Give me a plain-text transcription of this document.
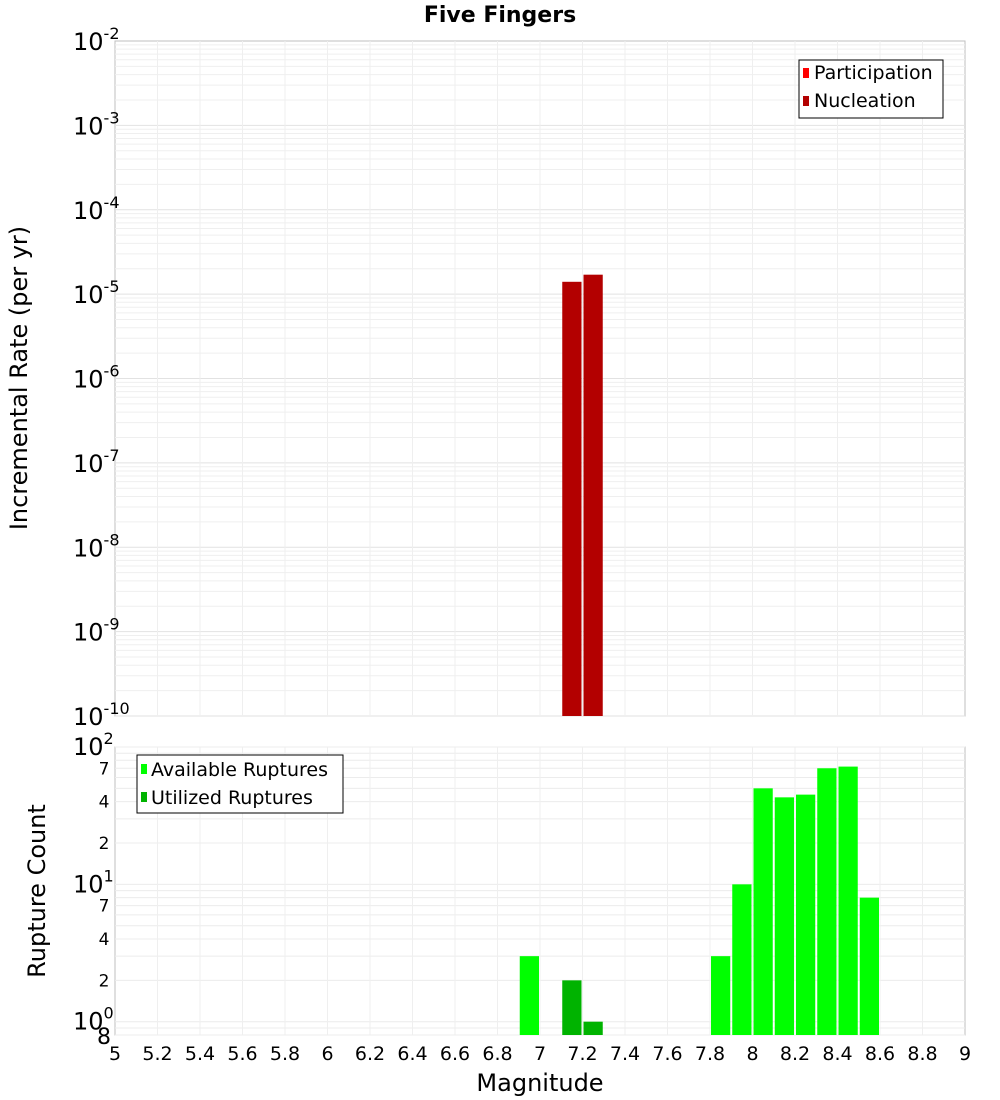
Five Fingers
$10^{-10}$
$10^{-9}$
$10^{-8}$
$10^{-7}$
$10^{-6}$
$10^{-5}$
$10^{-4}$
$10^{-3}$
$10^{-2}$
Incremental Rate (per yr)
Participation
Nucleation
8
$10^0$
2
4
7
$10^1$
2
4
7
$10^2$
5 5.2 5.4 5.6 5.8 6 6.2 6.4 6.6 6.8 7 7.2 7.4 7.6 7.8 8 8.2 8.4 8.6 8.8 9
Rupture Count
Magnitude
Available Ruptures
Utilized Ruptures
